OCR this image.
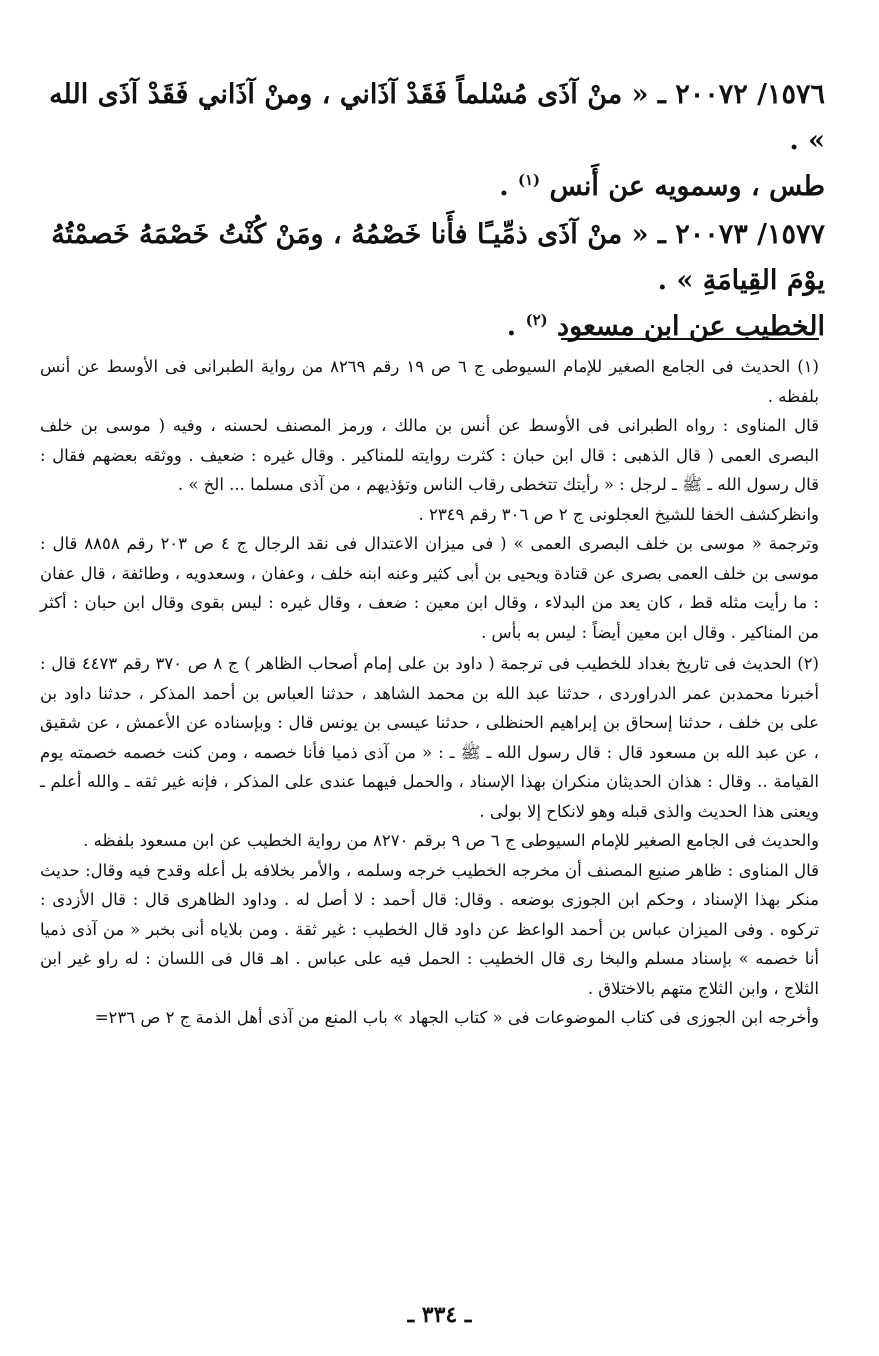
١٥٧٦/ ٢٠٠٧٢ ـ « منْ آذَى مُسْلماً فَقَدْ آذَاني ، ومنْ آذَاني فَقَدْ آذَى الله » .

طس ، وسمويه عن أَنس $^{(١)}$ .

١٥٧٧/ ٢٠٠٧٣ ـ « منْ آذَى ذمِّيـًا فأَنا خَصْمُهُ ، ومَنْ كُنْتُ خَصْمَهُ خَصمْتُهُ يوْمَ القِيامَةِ » .

الخطيب عن ابن مسعود $^{(٢)}$ .

(١) الحديث فى الجامع الصغير للإمام السيوطى ج ٦ ص ١٩ رقم ٨٢٦٩ من رواية الطبرانى فى الأوسط عن أنس بلفظه .

قال المناوى : رواه الطبرانى فى الأوسط عن أنس بن مالك ، ورمز المصنف لحسنه ، وفيه ( موسى بن خلف البصرى العمى ( قال الذهبى : قال ابن حبان : كثرت روايته للمناكير . وقال غيره : ضعيف . ووثقه بعضهم فقال : قال رسول الله ـ ﷺ ـ لرجل : « رأيتك تتخطى رقاب الناس وتؤذيهم ، من آذى مسلما ... الخ » .

وانظركشف الخفا للشيخ العجلونى ج ٢ ص ٣٠٦ رقم ٢٣٤٩ .

وترجمة « موسى بن خلف البصرى العمى » ( فى ميزان الاعتدال فى نقد الرجال ج ٤ ص ٢٠٣ رقم ٨٨٥٨ قال : موسى بن خلف العمى بصرى عن قتادة ويحيى بن أبى كثير وعنه ابنه خلف ، وعفان ، وسعدويه ، وطائفة ، قال عفان : ما رأيت مثله قط ، كان يعد من البدلاء ، وقال ابن معين : ضعف ، وقال غيره : ليس بقوى وقال ابن حبان : أكثر من المناكير . وقال ابن معين أيضاً : ليس به بأس .

(٢) الحديث فى تاريخ بغداد للخطيب فى ترجمة ( داود بن على إمام أصحاب الظاهر ) ج ٨ ص ٣٧٠ رقم ٤٤٧٣ قال : أخبرنا محمدبن عمر الدراوردى ، حدثنا عبد الله بن محمد الشاهد ، حدثنا العباس بن أحمد المذكر ، حدثنا داود بن على بن خلف ، حدثنا إسحاق بن إبراهيم الحنظلى ، حدثنا عيسى بن يونس قال : وبإسناده عن الأعمش ، عن شقيق ، عن عبد الله بن مسعود قال : قال رسول الله ـ ﷺ ـ : « من آذى ذميا فأنا خصمه ، ومن كنت خصمه خصمته يوم القيامة .. وقال : هذان الحديثان منكران بهذا الإسناد ، والحمل فيهما عندى على المذكر ، فإنه غير ثقه ـ والله أعلم ـ ويعنى هذا الحديث والذى قبله وهو لانكاح إلا بولى .

والحديث فى الجامع الصغير للإمام السيوطى ج ٦ ص ٩ برقم ٨٢٧٠ من رواية الخطيب عن ابن مسعود بلفظه .

قال المناوى : ظاهر صنيع المصنف أن مخرجه الخطيب خرجه وسلمه ، والأمر بخلافه بل أعله وقدح فيه وقال: حديث منكر بهذا الإسناد ، وحكم ابن الجوزى بوضعه . وقال: قال أحمد : لا أصل له . وداود الظاهرى قال : قال الأزدى : تركوه . وفى الميزان عباس بن أحمد الواعظ عن داود قال الخطيب : غير ثقة . ومن بلاياه أنى بخبر « من آذى ذميا أنا خصمه » بإسناد مسلم والبخا رى قال الخطيب : الحمل فيه على عباس . اهـ قال فى اللسان : له راو غير ابن الثلاج ، وابن الثلاج متهم بالاختلاق .

وأخرجه ابن الجوزى فى كتاب الموضوعات فى « كتاب الجهاد » باب المنع من آذى أهل الذمة ج ٢ ص ٢٣٦=

ـ ٣٣٤ ـ
